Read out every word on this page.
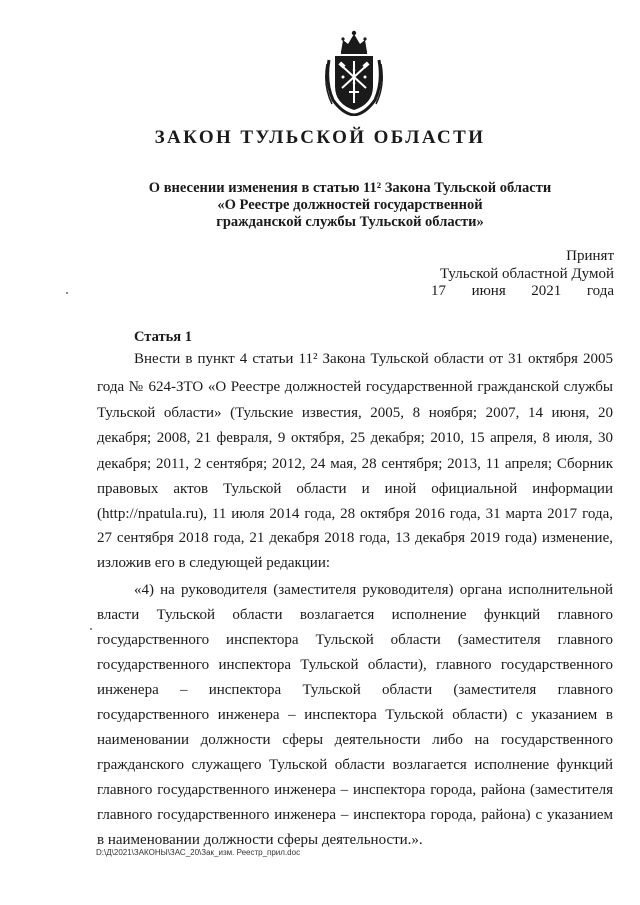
ЗАКОН ТУЛЬСКОЙ ОБЛАСТИ
О внесении изменения в статью 11² Закона Тульской области
«О Реестре должностей государственной
гражданской службы Тульской области»
Принят
Тульской областной Думой
17 июня 2021 года
Статья 1
Внести в пункт 4 статьи 11² Закона Тульской области от 31 октября 2005
года № 624-ЗТО «О Реестре должностей государственной гражданской службы
Тульской области» (Тульские известия, 2005, 8 ноября; 2007, 14 июня, 20
декабря; 2008, 21 февраля, 9 октября, 25 декабря; 2010, 15 апреля, 8 июля, 30
декабря; 2011, 2 сентября; 2012, 24 мая, 28 сентября; 2013, 11 апреля; Сборник
правовых актов Тульской области и иной официальной информации
(http://npatula.ru), 11 июля 2014 года, 28 октября 2016 года, 31 марта 2017 года,
27 сентября 2018 года, 21 декабря 2018 года, 13 декабря 2019 года) изменение,
изложив его в следующей редакции:
«4) на руководителя (заместителя руководителя) органа исполнительной
власти Тульской области возлагается исполнение функций главного
государственного инспектора Тульской области (заместителя главного
государственного инспектора Тульской области), главного государственного
инженера – инспектора Тульской области (заместителя главного
государственного инженера – инспектора Тульской области) с указанием в
наименовании должности сферы деятельности либо на государственного
гражданского служащего Тульской области возлагается исполнение функций
главного государственного инженера – инспектора города, района (заместителя
главного государственного инженера – инспектора города, района) с указанием
в наименовании должности сферы деятельности.».
D:\Д\2021\ЗАКОНЫ\ЗАС_20\Зак_изм. Реестр_прил.doc
